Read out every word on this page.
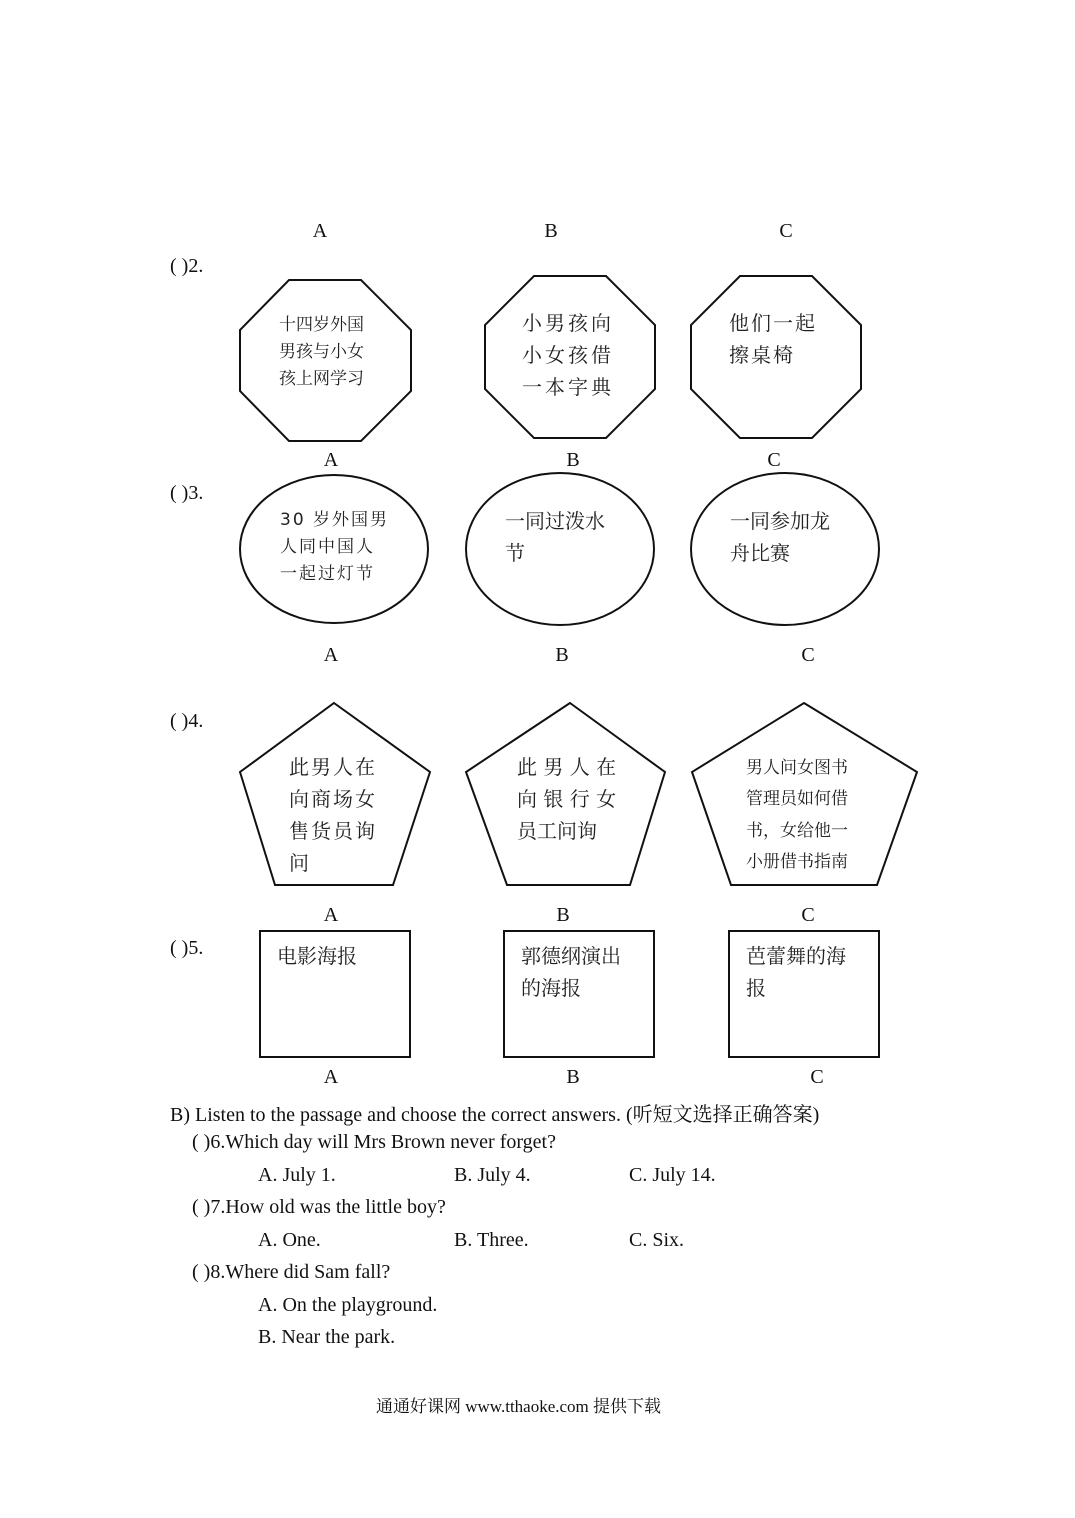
A	B	C
( )2.
十四岁外国
男孩与小女
孩上网学习
小男孩向
小女孩借
一本字典
他们一起
擦桌椅
A	B	C
( )3.
30 岁外国男
人同中国人
一起过灯节
一同过泼水
节
一同参加龙
舟比赛
A	B	C
( )4.
此男人在
向商场女
售货员询
问
此 男 人 在
向 银 行 女
员工问询
男人问女图书
管理员如何借
书，女给他一
小册借书指南
A	B	C
( )5.	电影海报	郭德纲演出
的海报
芭蕾舞的海
报
A	B	C
B) Listen to the passage and choose the correct answers. (听短文选择正确答案)
( )6.Which day will Mrs Brown never forget?
A. July 1.	B. July 4.	C. July 14.
( )7.How old was the little boy?
A. One.	B. Three.	C. Six.
( )8.Where did Sam fall?
A. On the playground.
B. Near the park.
通通好课网 www.tthaoke.com 提供下载
